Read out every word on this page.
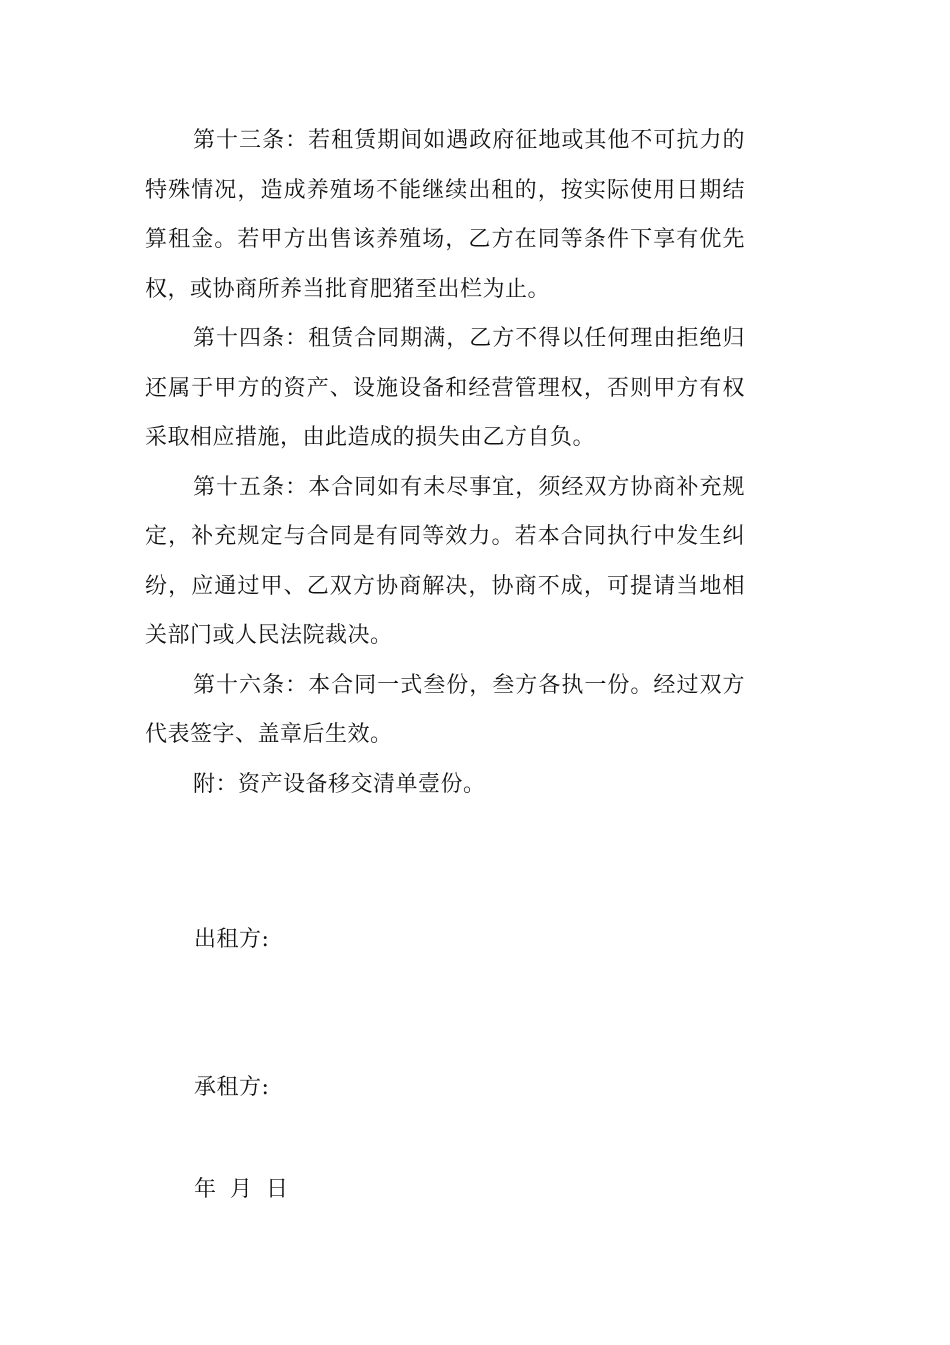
第十三条：若租赁期间如遇政府征地或其他不可抗力的特殊情况，造成养殖场不能继续出租的，按实际使用日期结算租金。若甲方出售该养殖场，乙方在同等条件下享有优先权，或协商所养当批育肥猪至出栏为止。

第十四条：租赁合同期满，乙方不得以任何理由拒绝归还属于甲方的资产、设施设备和经营管理权，否则甲方有权采取相应措施，由此造成的损失由乙方自负。

第十五条：本合同如有未尽事宜，须经双方协商补充规定，补充规定与合同是有同等效力。若本合同执行中发生纠纷，应通过甲、乙双方协商解决，协商不成，可提请当地相关部门或人民法院裁决。

第十六条：本合同一式叁份，叁方各执一份。经过双方代表签字、盖章后生效。

附：资产设备移交清单壹份。

出租方:

承租方:

年 月 日
